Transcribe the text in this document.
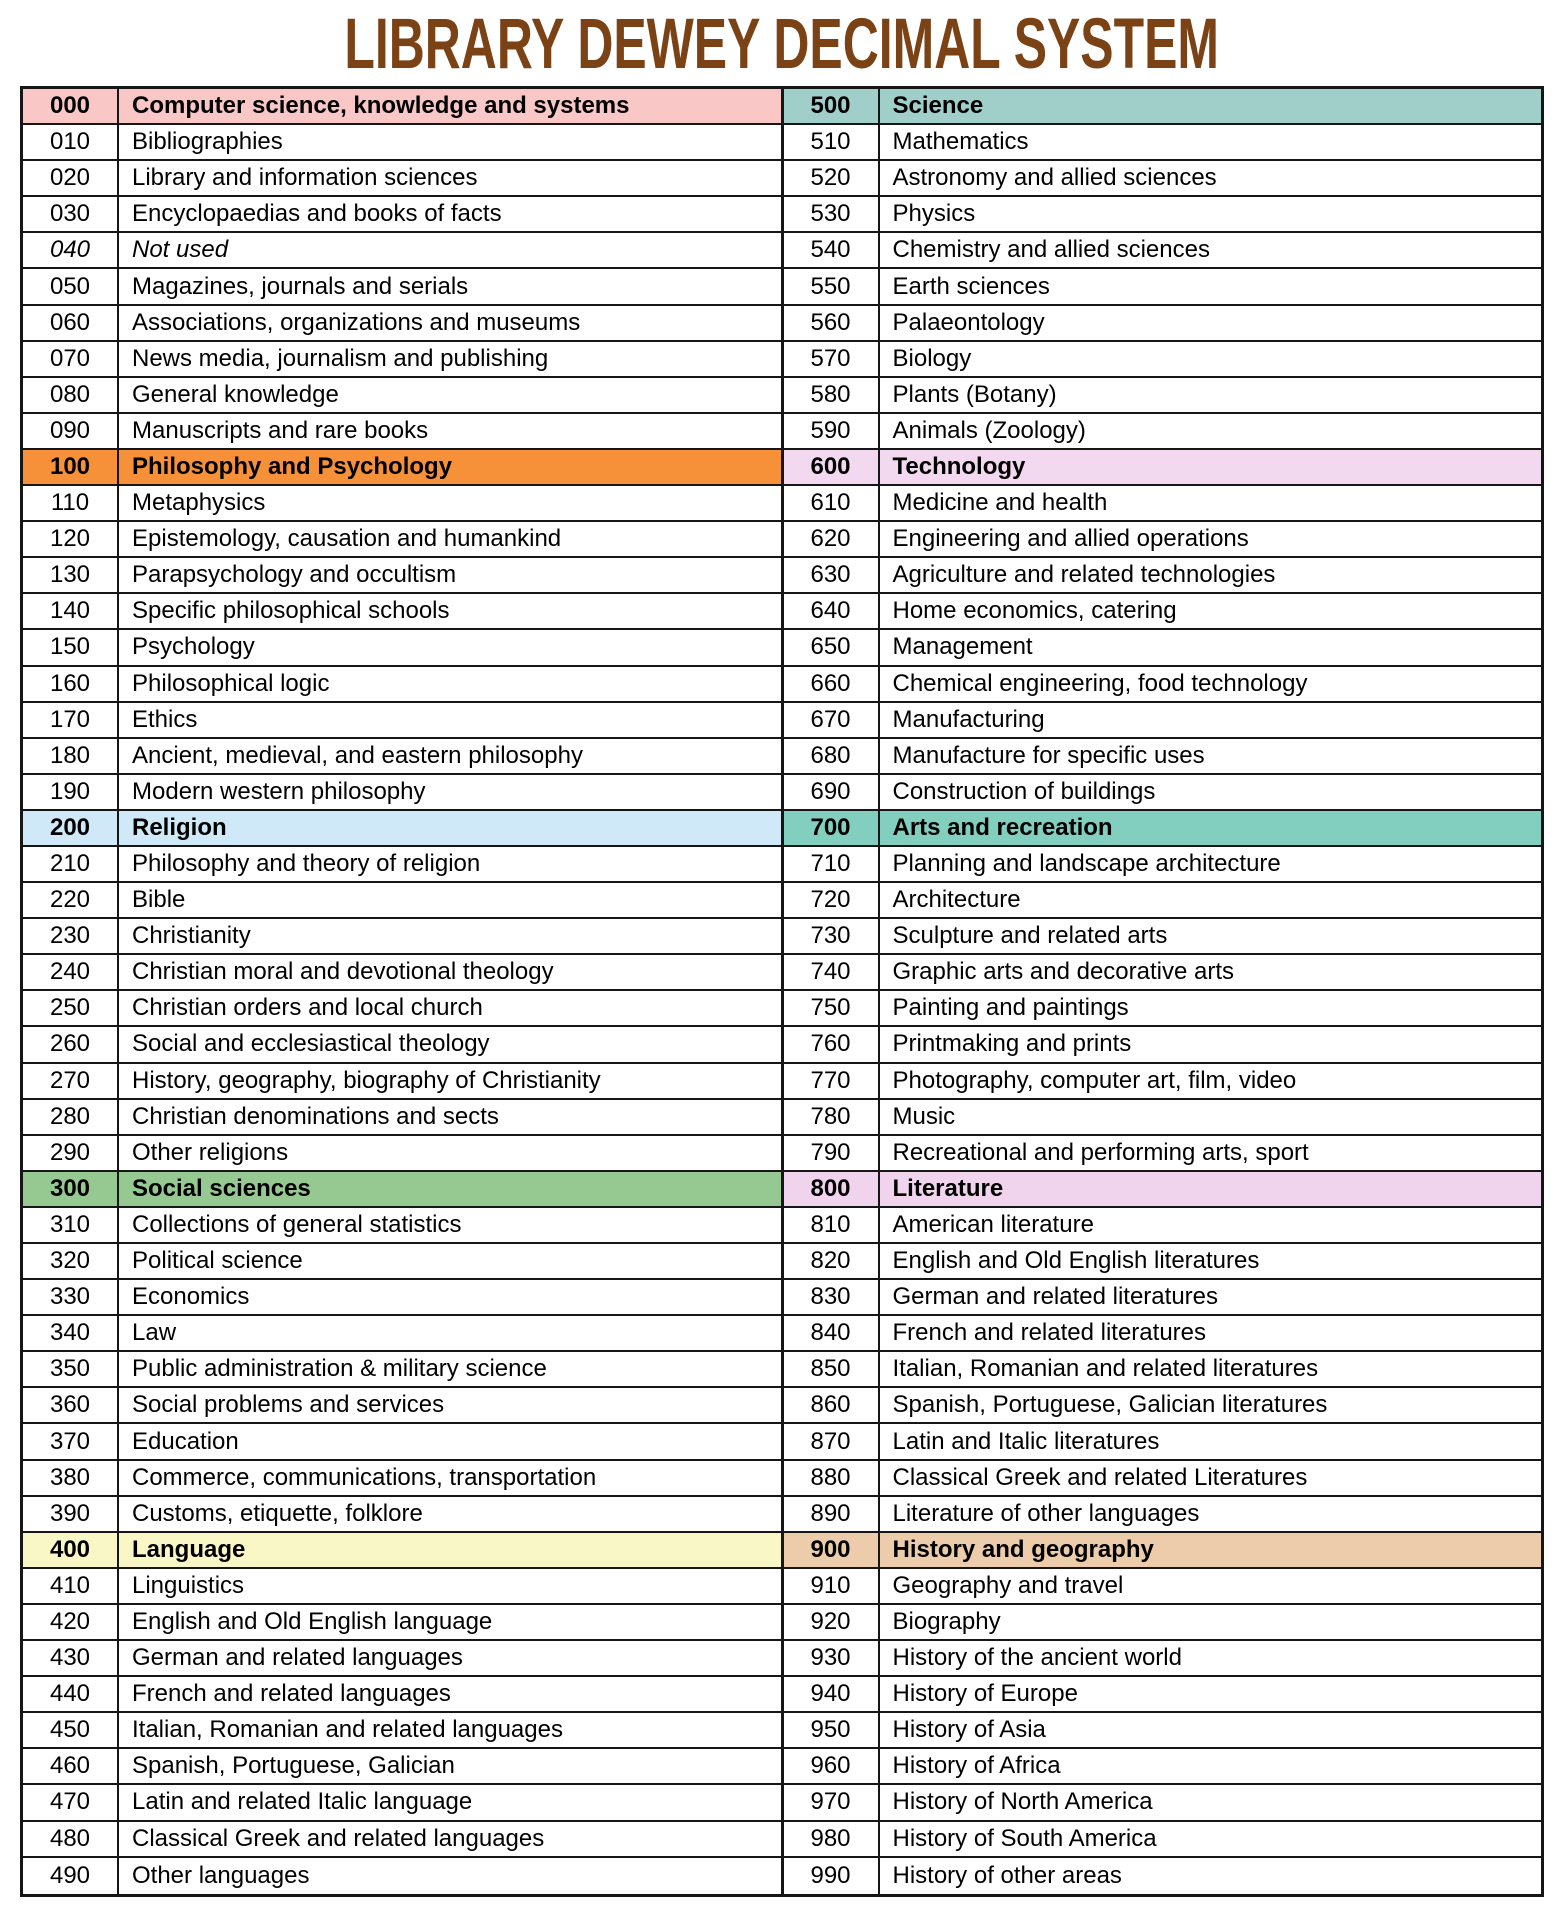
LIBRARY DEWEY DECIMAL SYSTEM
000	Computer science, knowledge and systems
010	Bibliographies
020	Library and information sciences
030	Encyclopaedias and books of facts
040	Not used
050	Magazines, journals and serials
060	Associations, organizations and museums
070	News media, journalism and publishing
080	General knowledge
090	Manuscripts and rare books
100	Philosophy and Psychology
110	Metaphysics
120	Epistemology, causation and humankind
130	Parapsychology and occultism
140	Specific philosophical schools
150	Psychology
160	Philosophical logic
170	Ethics
180	Ancient, medieval, and eastern philosophy
190	Modern western philosophy
200	Religion
210	Philosophy and theory of religion
220	Bible
230	Christianity
240	Christian moral and devotional theology
250	Christian orders and local church
260	Social and ecclesiastical theology
270	History, geography, biography of Christianity
280	Christian denominations and sects
290	Other religions
300	Social sciences
310	Collections of general statistics
320	Political science
330	Economics
340	Law
350	Public administration & military science
360	Social problems and services
370	Education
380	Commerce, communications, transportation
390	Customs, etiquette, folklore
400	Language
410	Linguistics
420	English and Old English language
430	German and related languages
440	French and related languages
450	Italian, Romanian and related languages
460	Spanish, Portuguese, Galician
470	Latin and related Italic language
480	Classical Greek and related languages
490	Other languages
500	Science
510	Mathematics
520	Astronomy and allied sciences
530	Physics
540	Chemistry and allied sciences
550	Earth sciences
560	Palaeontology
570	Biology
580	Plants (Botany)
590	Animals (Zoology)
600	Technology
610	Medicine and health
620	Engineering and allied operations
630	Agriculture and related technologies
640	Home economics, catering
650	Management
660	Chemical engineering, food technology
670	Manufacturing
680	Manufacture for specific uses
690	Construction of buildings
700	Arts and recreation
710	Planning and landscape architecture
720	Architecture
730	Sculpture and related arts
740	Graphic arts and decorative arts
750	Painting and paintings
760	Printmaking and prints
770	Photography, computer art, film, video
780	Music
790	Recreational and performing arts, sport
800	Literature
810	American literature
820	English and Old English literatures
830	German and related literatures
840	French and related literatures
850	Italian, Romanian and related literatures
860	Spanish, Portuguese, Galician literatures
870	Latin and Italic literatures
880	Classical Greek and related Literatures
890	Literature of other languages
900	History and geography
910	Geography and travel
920	Biography
930	History of the ancient world
940	History of Europe
950	History of Asia
960	History of Africa
970	History of North America
980	History of South America
990	History of other areas
